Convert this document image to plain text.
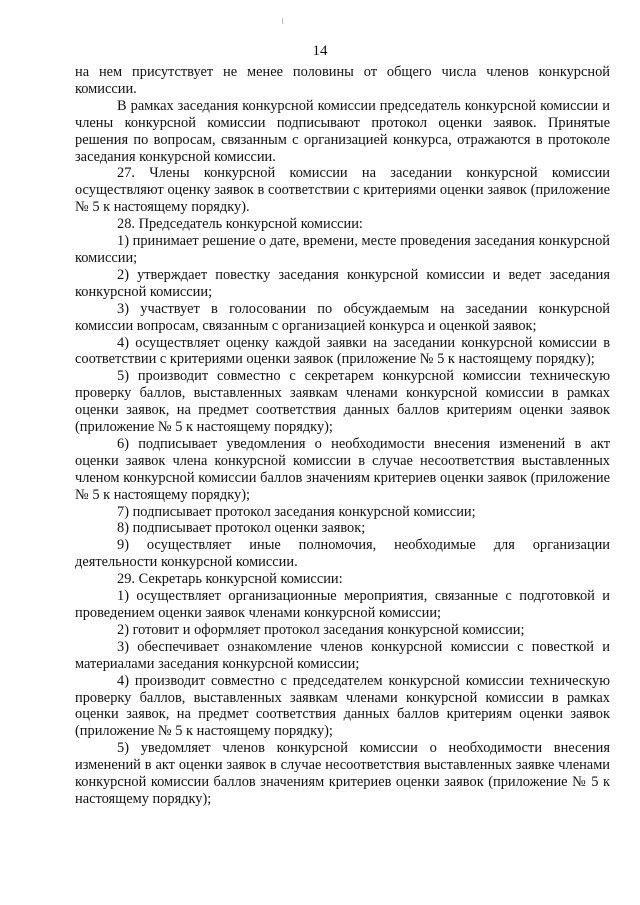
14

на нем присутствует не менее половины от общего числа членов конкурсной комиссии.

В рамках заседания конкурсной комиссии председатель конкурсной комиссии и члены конкурсной комиссии подписывают протокол оценки заявок. Принятые решения по вопросам, связанным с организацией конкурса, отражаются в протоколе заседания конкурсной комиссии.

27. Члены конкурсной комиссии на заседании конкурсной комиссии осуществляют оценку заявок в соответствии с критериями оценки заявок (приложение № 5 к настоящему порядку).

28. Председатель конкурсной комиссии:

1) принимает решение о дате, времени, месте проведения заседания конкурсной комиссии;

2) утверждает повестку заседания конкурсной комиссии и ведет заседания конкурсной комиссии;

3) участвует в голосовании по обсуждаемым на заседании конкурсной комиссии вопросам, связанным с организацией конкурса и оценкой заявок;

4) осуществляет оценку каждой заявки на заседании конкурсной комиссии в соответствии с критериями оценки заявок (приложение № 5 к настоящему порядку);

5) производит совместно с секретарем конкурсной комиссии техническую проверку баллов, выставленных заявкам членами конкурсной комиссии в рамках оценки заявок, на предмет соответствия данных баллов критериям оценки заявок (приложение № 5 к настоящему порядку);

6) подписывает уведомления о необходимости внесения изменений в акт оценки заявок члена конкурсной комиссии в случае несоответствия выставленных членом конкурсной комиссии баллов значениям критериев оценки заявок (приложение № 5 к настоящему порядку);

7) подписывает протокол заседания конкурсной комиссии;

8) подписывает протокол оценки заявок;

9) осуществляет иные полномочия, необходимые для организации деятельности конкурсной комиссии.

29. Секретарь конкурсной комиссии:

1) осуществляет организационные мероприятия, связанные с подготовкой и проведением оценки заявок членами конкурсной комиссии;

2) готовит и оформляет протокол заседания конкурсной комиссии;

3) обеспечивает ознакомление членов конкурсной комиссии с повесткой и материалами заседания конкурсной комиссии;

4) производит совместно с председателем конкурсной комиссии техническую проверку баллов, выставленных заявкам членами конкурсной комиссии в рамках оценки заявок, на предмет соответствия данных баллов критериям оценки заявок (приложение № 5 к настоящему порядку);

5) уведомляет членов конкурсной комиссии о необходимости внесения изменений в акт оценки заявок в случае несоответствия выставленных заявке членами конкурсной комиссии баллов значениям критериев оценки заявок (приложение № 5 к настоящему порядку);
